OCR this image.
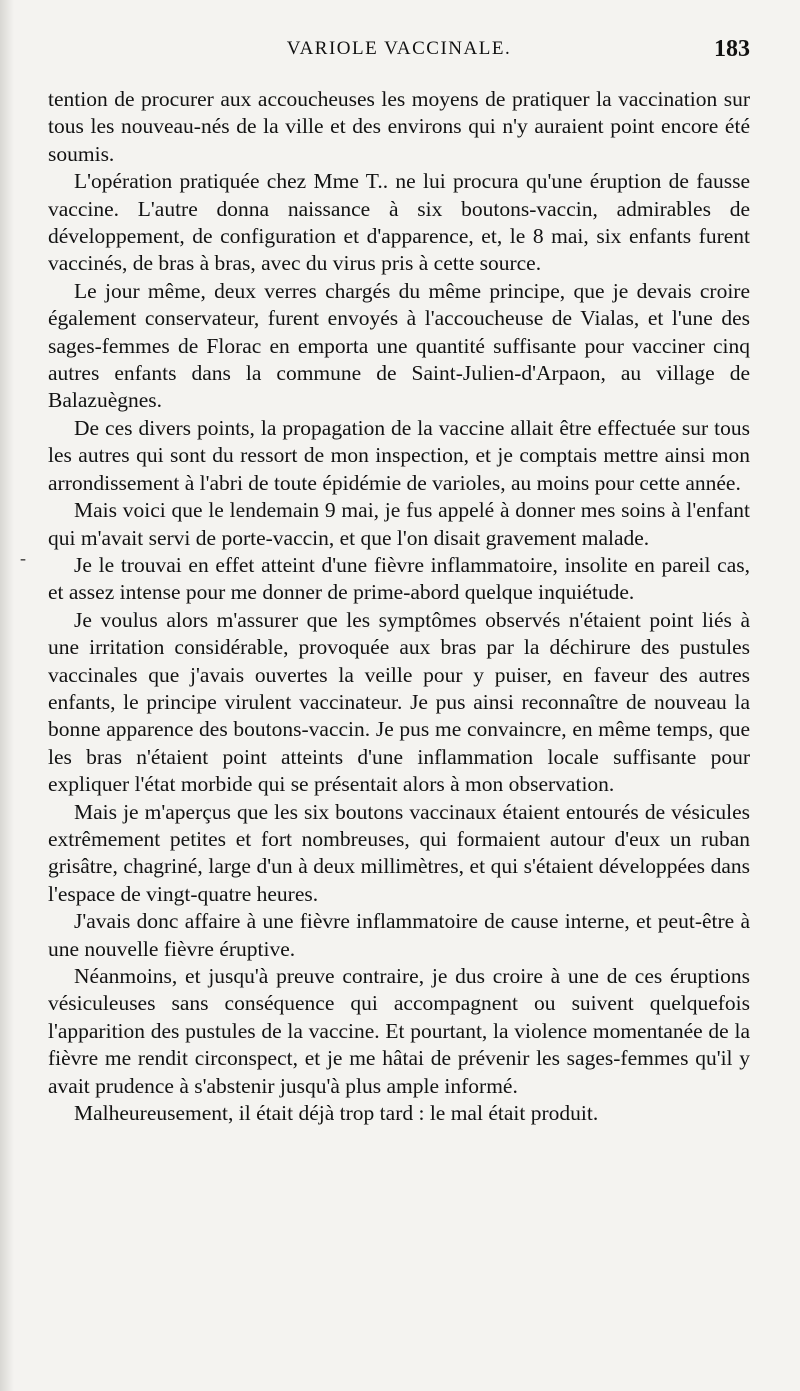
VARIOLE VACCINALE.	183
-

tention de procurer aux accoucheuses les moyens de pratiquer la vaccination sur tous les nouveau-nés de la ville et des environs qui n'y auraient point encore été soumis.

L'opération pratiquée chez Mme T.. ne lui procura qu'une éruption de fausse vaccine. L'autre donna naissance à six boutons-vaccin, admirables de développement, de configuration et d'apparence, et, le 8 mai, six enfants furent vaccinés, de bras à bras, avec du virus pris à cette source.

Le jour même, deux verres chargés du même principe, que je devais croire également conservateur, furent envoyés à l'accoucheuse de Vialas, et l'une des sages-femmes de Florac en emporta une quantité suffisante pour vacciner cinq autres enfants dans la commune de Saint-Julien-d'Arpaon, au village de Balazuègnes.

De ces divers points, la propagation de la vaccine allait être effectuée sur tous les autres qui sont du ressort de mon inspection, et je comptais mettre ainsi mon arrondissement à l'abri de toute épidémie de varioles, au moins pour cette année.

Mais voici que le lendemain 9 mai, je fus appelé à donner mes soins à l'enfant qui m'avait servi de porte-vaccin, et que l'on disait gravement malade.

Je le trouvai en effet atteint d'une fièvre inflammatoire, insolite en pareil cas, et assez intense pour me donner de prime-abord quelque inquiétude.

Je voulus alors m'assurer que les symptômes observés n'étaient point liés à une irritation considérable, provoquée aux bras par la déchirure des pustules vaccinales que j'avais ouvertes la veille pour y puiser, en faveur des autres enfants, le principe virulent vaccinateur. Je pus ainsi reconnaître de nouveau la bonne apparence des boutons-vaccin. Je pus me convaincre, en même temps, que les bras n'étaient point atteints d'une inflammation locale suffisante pour expliquer l'état morbide qui se présentait alors à mon observation.

Mais je m'aperçus que les six boutons vaccinaux étaient entourés de vésicules extrêmement petites et fort nombreuses, qui formaient autour d'eux un ruban grisâtre, chagriné, large d'un à deux millimètres, et qui s'étaient développées dans l'espace de vingt-quatre heures.

J'avais donc affaire à une fièvre inflammatoire de cause interne, et peut-être à une nouvelle fièvre éruptive.

Néanmoins, et jusqu'à preuve contraire, je dus croire à une de ces éruptions vésiculeuses sans conséquence qui accompagnent ou suivent quelquefois l'apparition des pustules de la vaccine. Et pourtant, la violence momentanée de la fièvre me rendit circonspect, et je me hâtai de prévenir les sages-femmes qu'il y avait prudence à s'abstenir jusqu'à plus ample informé.

Malheureusement, il était déjà trop tard : le mal était produit.
